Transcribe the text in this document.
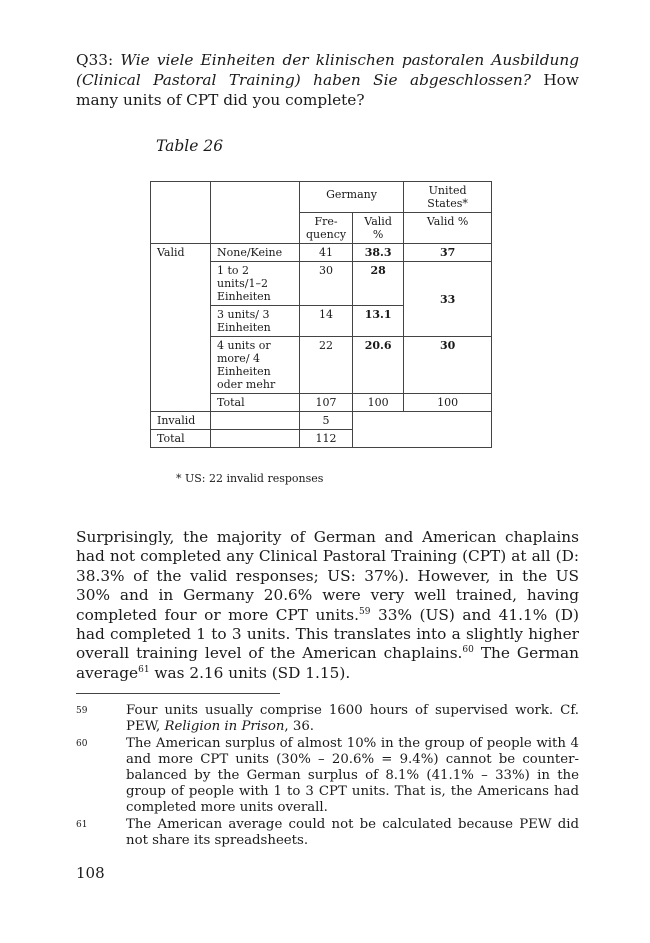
Q33: Wie viele Einheiten der klinischen pastoralen Ausbildung (Clinical Pastoral Training) haben Sie abgeschlossen? How many units of CPT did you complete?
Table 26
		Germany		United States*
		Fre-quency	Valid %	Valid %
Valid	None/Keine	41	38.3	37
	1 to 2 units/1–2 Einheiten	30	28	33
	3 units/ 3 Einheiten	14	13.1	
	4 units or more/ 4 Einheiten oder mehr	22	20.6	30
	Total	107	100	100
Invalid		5		
Total		112		
* US: 22 invalid responses
Surprisingly, the majority of German and American chaplains had not completed any Clinical Pastoral Training (CPT) at all (D: 38.3% of the valid responses; US: 37%). However, in the US 30% and in Germany 20.6% were very well trained, having completed four or more CPT units.$^{59}$ 33% (US) and 41.1% (D) had completed 1 to 3 units. This translates into a slightly higher overall training level of the American chaplains.$^{60}$ The German average$^{61}$ was 2.16 units (SD 1.15).
59	Four units usually comprise 1600 hours of supervised work. Cf. PEW, Religion in Prison, 36.
60	The American surplus of almost 10% in the group of people with 4 and more CPT units (30% – 20.6% = 9.4%) cannot be counter-balanced by the German surplus of 8.1% (41.1% – 33%) in the group of people with 1 to 3 CPT units. That is, the Americans had completed more units overall.
61	The American average could not be calculated because PEW did not share its spreadsheets.
108
